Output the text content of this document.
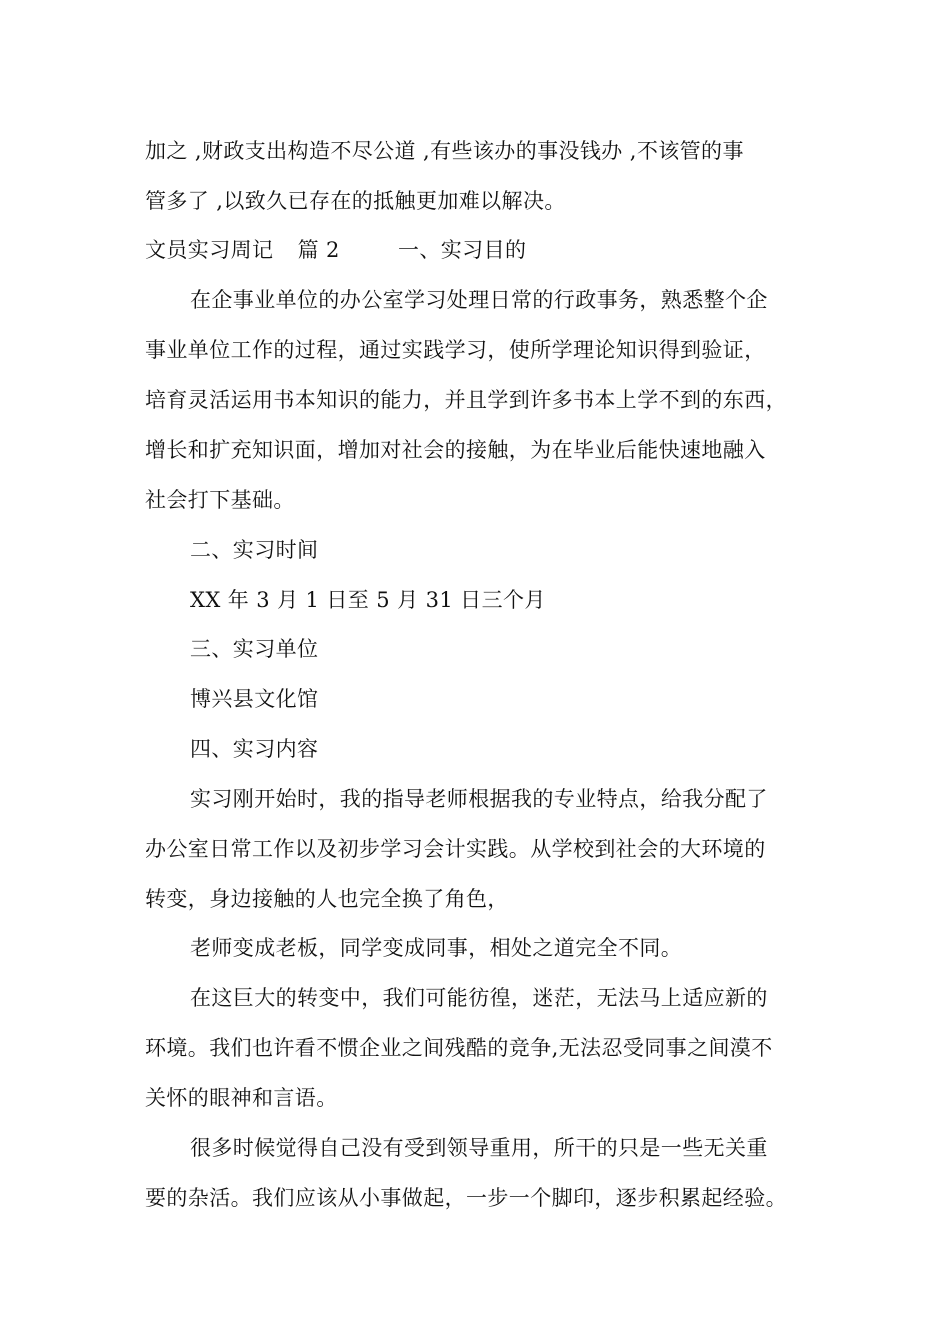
加之 ,财政支出构造不尽公道 ,有些该办的事没钱办 ,不该管的事
管多了 ,以致久已存在的抵触更加难以解决。
文员实习周记 篇 2	一、实习目的
在企事业单位的办公室学习处理日常的行政事务，熟悉整个企
事业单位工作的过程，通过实践学习，使所学理论知识得到验证，
培育灵活运用书本知识的能力，并且学到许多书本上学不到的东西，
增长和扩充知识面，增加对社会的接触，为在毕业后能快速地融入
社会打下基础。
二、实习时间
XX 年 3 月 1 日至 5 月 31 日三个月
三、实习单位
博兴县文化馆
四、实习内容
实习刚开始时，我的指导老师根据我的专业特点，给我分配了
办公室日常工作以及初步学习会计实践。从学校到社会的大环境的
转变，身边接触的人也完全换了角色，
老师变成老板，同学变成同事，相处之道完全不同。
在这巨大的转变中，我们可能彷徨，迷茫，无法马上适应新的
环境。我们也许看不惯企业之间残酷的竞争,无法忍受同事之间漠不
关怀的眼神和言语。
很多时候觉得自己没有受到领导重用，所干的只是一些无关重
要的杂活。我们应该从小事做起，一步一个脚印，逐步积累起经验。
